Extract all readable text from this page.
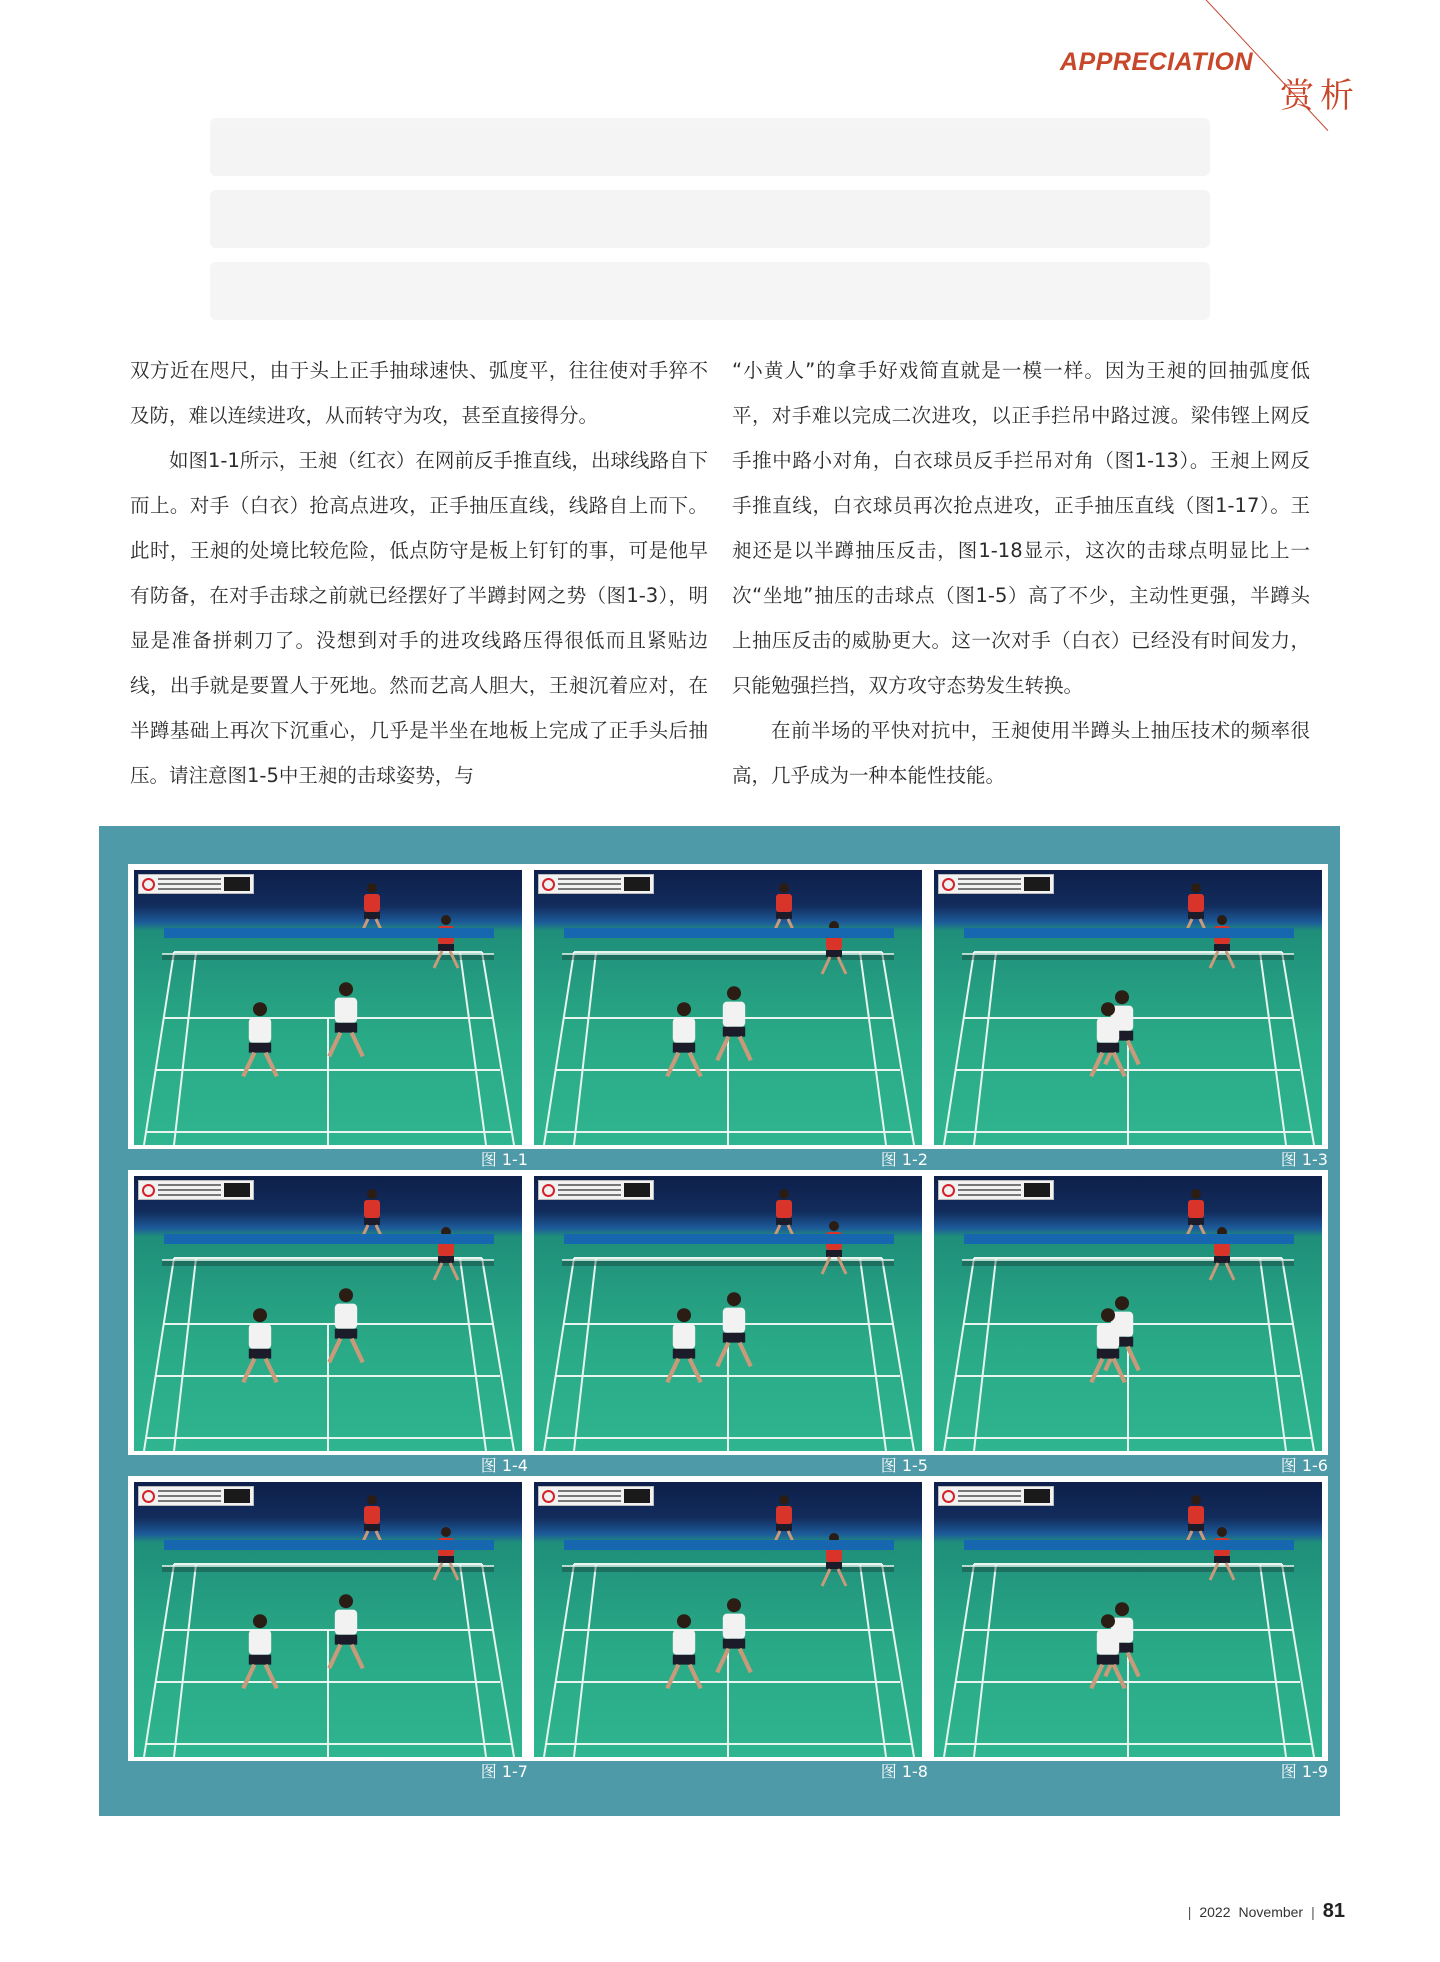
APPRECIATION
赏析

双方近在咫尺，由于头上正手抽球速快、弧度平，往往使对手猝不及防，难以连续进攻，从而转守为攻，甚至直接得分。

如图1-1所示，王昶（红衣）在网前反手推直线，出球线路自下而上。对手（白衣）抢高点进攻，正手抽压直线，线路自上而下。此时，王昶的处境比较危险，低点防守是板上钉钉的事，可是他早有防备，在对手击球之前就已经摆好了半蹲封网之势（图1-3），明显是准备拼刺刀了。没想到对手的进攻线路压得很低而且紧贴边线，出手就是要置人于死地。然而艺高人胆大，王昶沉着应对，在半蹲基础上再次下沉重心，几乎是半坐在地板上完成了正手头后抽压。请注意图1-5中王昶的击球姿势，与

“小黄人”的拿手好戏简直就是一模一样。因为王昶的回抽弧度低平，对手难以完成二次进攻，以正手拦吊中路过渡。梁伟铿上网反手推中路小对角，白衣球员反手拦吊对角（图1-13）。王昶上网反手推直线，白衣球员再次抢点进攻，正手抽压直线（图1-17）。王昶还是以半蹲抽压反击，图1-18显示，这次的击球点明显比上一次“坐地”抽压的击球点（图1-5）高了不少，主动性更强，半蹲头上抽压反击的威胁更大。这一次对手（白衣）已经没有时间发力，只能勉强拦挡，双方攻守态势发生转换。

在前半场的平快对抗中，王昶使用半蹲头上抽压技术的频率很高，几乎成为一种本能性技能。

图 1-1	图 1-2	图 1-3
图 1-4	图 1-5	图 1-6
图 1-7	图 1-8	图 1-9
| 2022 November | 81
